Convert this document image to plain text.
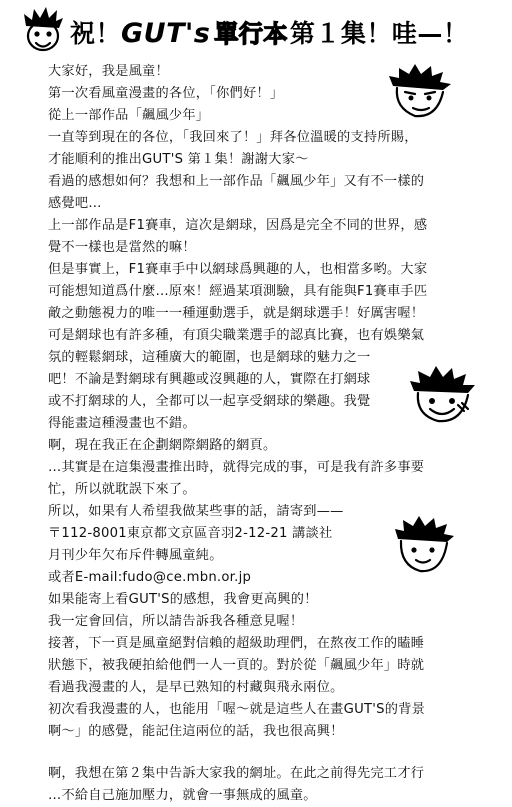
祝！GUT's 單行本第１集！哇—！
大家好，我是風童！
第一次看風童漫畫的各位，「你們好！」
從上一部作品「飆風少年」
一直等到現在的各位，「我回來了！」拜各位溫暖的支持所賜，
才能順利的推出GUT'S 第１集！謝謝大家～
看過的感想如何？我想和上一部作品「飆風少年」又有不一樣的
感覺吧…
上一部作品是F1賽車，這次是網球，因爲是完全不同的世界，感
覺不一樣也是當然的嘛！
但是事實上，F1賽車手中以網球爲興趣的人，也相當多哟。大家
可能想知道爲什麼…原來！經過某項測驗，具有能與F1賽車手匹
敵之動態視力的唯一一種運動選手，就是網球選手！好厲害喔！
可是網球也有許多種，有頂尖職業選手的認真比賽，也有娛樂氣
氛的輕鬆網球，這種廣大的範圍，也是網球的魅力之一
吧！不論是對網球有興趣或沒興趣的人，實際在打網球
或不打網球的人，全都可以一起享受網球的樂趣。我覺
得能畫這種漫畫也不錯。
啊，現在我正在企劃網際網路的網頁。
…其實是在這集漫畫推出時，就得完成的事，可是我有許多事要
忙，所以就耽誤下來了。
所以，如果有人希望我做某些事的話，請寄到——
〒112-8001東京都文京區音羽2-12-21 講談社
月刊少年欠布斥件轉風童純。
或者E-mail:fudo@ce.mbn.or.jp
如果能寄上看GUT'S的感想，我會更高興的！
我一定會回信，所以請告訴我各種意見喔！
接著，下一頁是風童絕對信賴的超級助理們，在熬夜工作的瞌睡
狀態下，被我硬拍給他們一人一頁的。對於從「飆風少年」時就
看過我漫畫的人，是早已熟知的村藏與飛永兩位。
初次看我漫畫的人，也能用「喔～就是這些人在畫GUT'S的背景
啊～」的感覺，能記住這兩位的話，我也很高興！
啊，我想在第２集中告訴大家我的網址。在此之前得先完工才行
…不給自己施加壓力，就會一事無成的風童。
